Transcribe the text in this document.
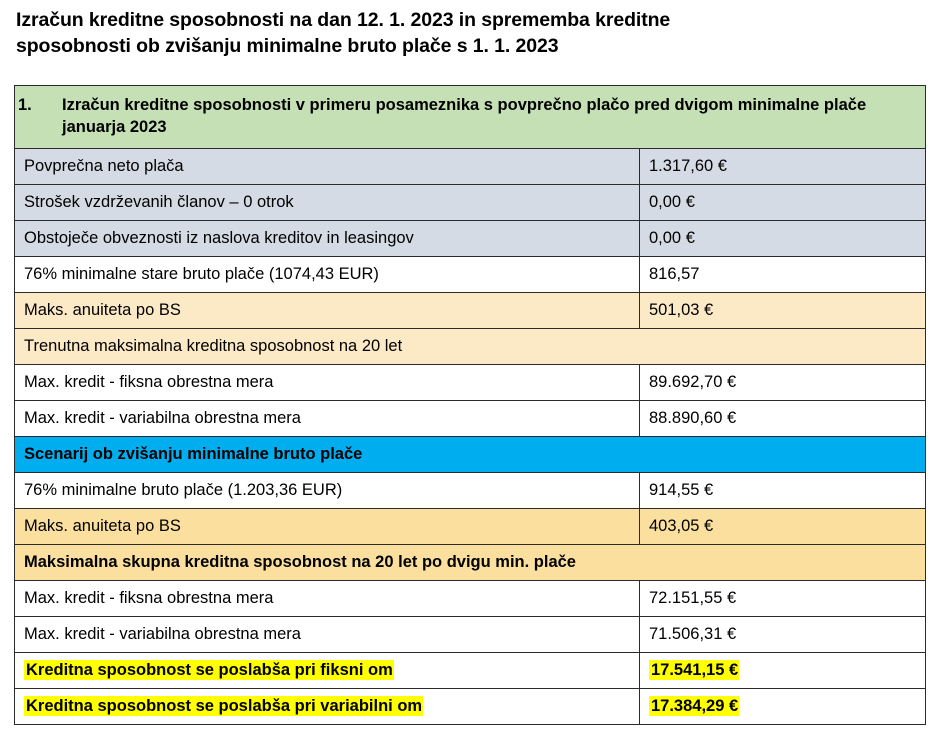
Izračun kreditne sposobnosti na dan 12. 1. 2023 in sprememba kreditne
sposobnosti ob zvišanju minimalne bruto plače s 1. 1. 2023
1. Izračun kreditne sposobnosti v primeru posameznika s povprečno plačo pred dvigom minimalne plače januarja 2023	

Povprečna neto plača	1.317,60 €
Strošek vzdrževanih članov – 0 otrok	0,00 €
Obstoječe obveznosti iz naslova kreditov in leasingov	0,00 €
76% minimalne stare bruto plače (1074,43 EUR)	816,57
Maks. anuiteta po BS	501,03 €
Trenutna maksimalna kreditna sposobnost na 20 let	
Max. kredit - fiksna obrestna mera	89.692,70 €
Max. kredit - variabilna obrestna mera	88.890,60 €
Scenarij ob zvišanju minimalne bruto plače	
76% minimalne bruto plače (1.203,36 EUR)	914,55 €
Maks. anuiteta po BS	403,05 €
Maksimalna skupna kreditna sposobnost na 20 let po dvigu min. plače	
Max. kredit - fiksna obrestna mera	72.151,55 €
Max. kredit - variabilna obrestna mera	71.506,31 €
Kreditna sposobnost se poslabša pri fiksni om	17.541,15 €
Kreditna sposobnost se poslabša pri variabilni om	17.384,29 €
